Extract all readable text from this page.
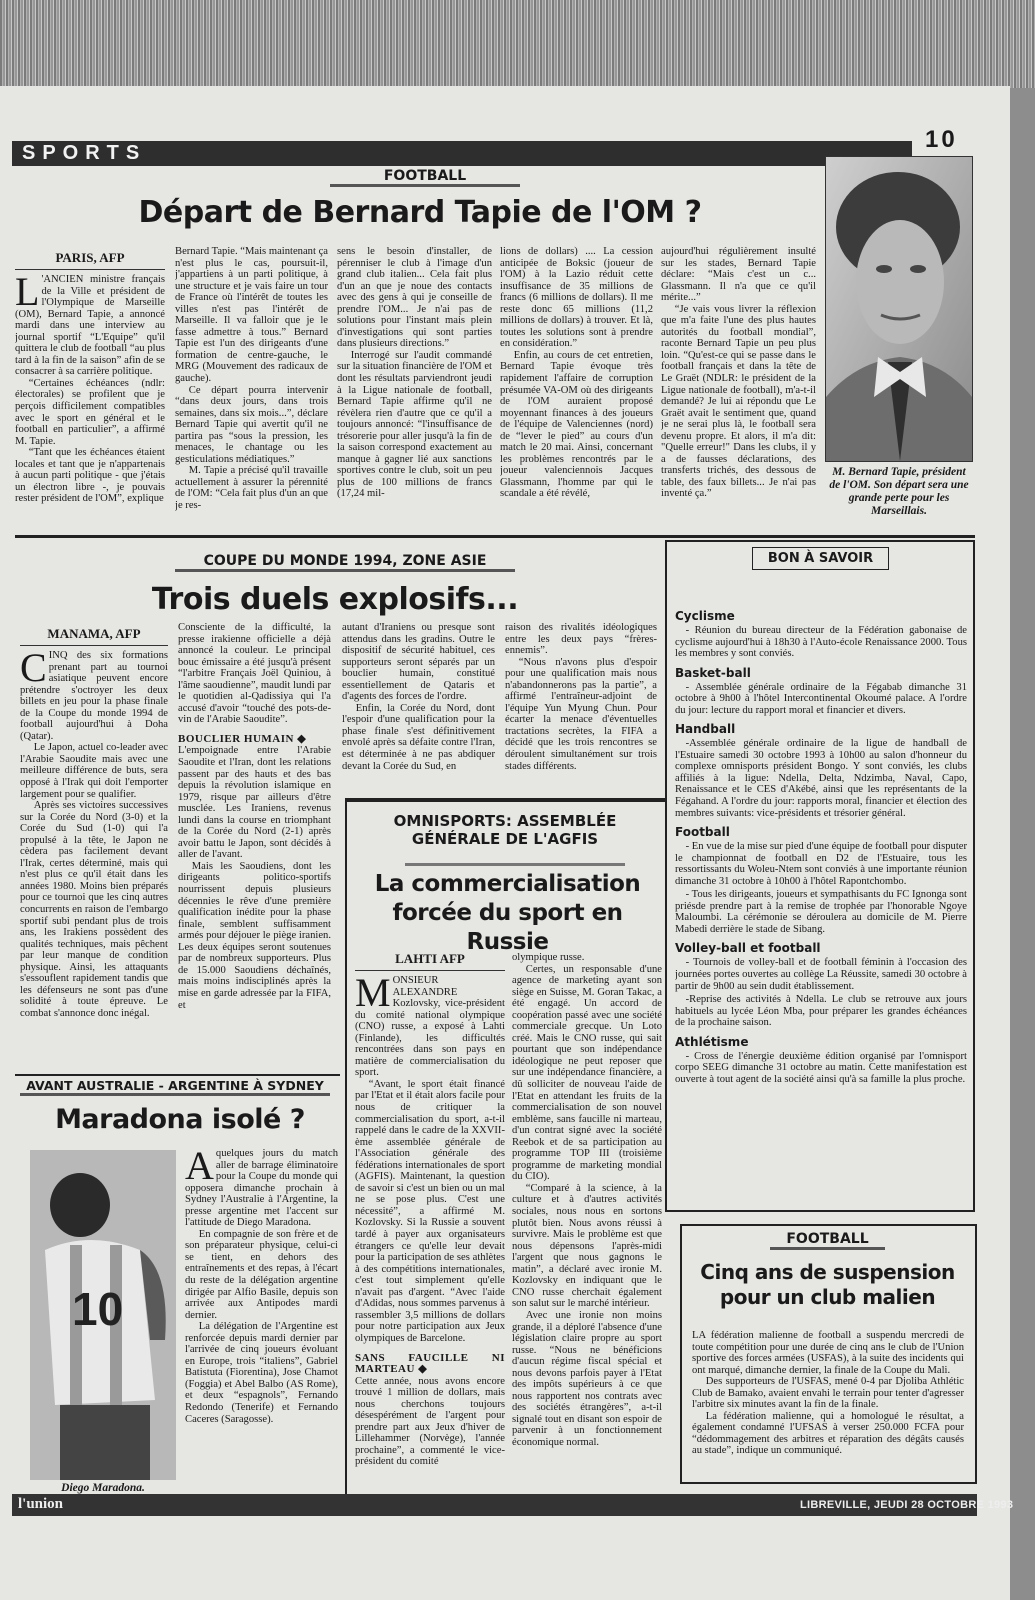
SPORTS	10
FOOTBALL
Départ de Bernard Tapie de l'OM ?
PARIS, AFP

L 'ANCIEN ministre français de la Ville et président de l'Olympique de Marseille (OM), Bernard Tapie, a annoncé mardi dans une interview au journal sportif “L'Equipe” qu'il quittera le club de football “au plus tard à la fin de la saison” afin de se consacrer à sa carrière politique.

“Certaines échéances (ndlr: électorales) se profilent que je perçois difficilement compatibles avec le sport en général et le football en particulier”, a affirmé M. Tapie.

“Tant que les échéances étaient locales et tant que je n'appartenais à aucun parti politique - que j'étais un électron libre -, je pouvais rester président de l'OM”, explique

Bernard Tapie. “Mais maintenant ça n'est plus le cas, poursuit-il, j'appartiens à un parti politique, à une structure et je vais faire un tour de France où l'intérêt de toutes les villes n'est pas l'intérêt de Marseille. Il va falloir que je le fasse admettre à tous.” Bernard Tapie est l'un des dirigeants d'une formation de centre-gauche, le MRG (Mouvement des radicaux de gauche).

Ce départ pourra intervenir “dans deux jours, dans trois semaines, dans six mois...”, déclare Bernard Tapie qui avertit qu'il ne partira pas “sous la pression, les menaces, le chantage ou les gesticulations médiatiques.”

M. Tapie a précisé qu'il travaille actuellement à assurer la pérennité de l'OM: “Cela fait plus d'un an que je res-

sens le besoin d'installer, de pérenniser le club à l'image d'un grand club italien... Cela fait plus d'un an que je noue des contacts avec des gens à qui je conseille de prendre l'OM... Je n'ai pas de solutions pour l'instant mais plein d'investigations qui sont parties dans plusieurs directions.”

Interrogé sur l'audit commandé sur la situation financière de l'OM et dont les résultats parviendront jeudi à la Ligue nationale de football, Bernard Tapie affirme qu'il ne révèlera rien d'autre que ce qu'il a toujours annoncé: “l'insuffisance de trésorerie pour aller jusqu'à la fin de la saison correspond exactement au manque à gagner lié aux sanctions sportives contre le club, soit un peu plus de 100 millions de francs (17,24 mil-

lions de dollars) .... La cession anticipée de Boksic (joueur de l'OM) à la Lazio réduit cette insuffisance de 35 millions de francs (6 millions de dollars). Il me reste donc 65 millions (11,2 millions de dollars) à trouver. Et là, toutes les solutions sont à prendre en considération.”

Enfin, au cours de cet entretien, Bernard Tapie évoque très rapidement l'affaire de corruption présumée VA-OM où des dirigeants de l'OM auraient proposé moyennant finances à des joueurs de l'équipe de Valenciennes (nord) de “lever le pied” au cours d'un match le 20 mai. Ainsi, concernant les problèmes rencontrés par le joueur valenciennois Jacques Glassmann, l'homme par qui le scandale a été révélé,

aujourd'hui régulièrement insulté sur les stades, Bernard Tapie déclare: “Mais c'est un c... Glassmann. Il n'a que ce qu'il mérite...”

“Je vais vous livrer la réflexion que m'a faite l'une des plus hautes autorités du football mondial”, raconte Bernard Tapie un peu plus loin. “Qu'est-ce qui se passe dans le football français et dans la tête de Le Graët (NDLR: le président de la Ligue nationale de football), m'a-t-il demandé? Je lui ai répondu que Le Graët avait le sentiment que, quand je ne serai plus là, le football sera devenu propre. Et alors, il m'a dit: "Quelle erreur!" Dans les clubs, il y a de fausses déclarations, des transferts trichés, des dessous de table, des faux billets... Je n'ai pas inventé ça.”

M. Bernard Tapie, président de l'OM. Son départ sera une grande perte pour les Marseillais.
COUPE DU MONDE 1994, ZONE ASIE
Trois duels explosifs...
MANAMA, AFP

CINQ des six formations prenant part au tournoi asiatique peuvent encore prétendre s'octroyer les deux billets en jeu pour la phase finale de la Coupe du monde 1994 de football aujourd'hui à Doha (Qatar).

Le Japon, actuel co-leader avec l'Arabie Saoudite mais avec une meilleure différence de buts, sera opposé à l'Irak qui doit l'emporter largement pour se qualifier.

Après ses victoires successives sur la Corée du Nord (3-0) et la Corée du Sud (1-0) qui l'a propulsé à la tête, le Japon ne cèdera pas facilement devant l'Irak, certes déterminé, mais qui n'est plus ce qu'il était dans les années 1980. Moins bien préparés pour ce tournoi que les cinq autres concurrents en raison de l'embargo sportif subi pendant plus de trois ans, les Irakiens possèdent des qualités techniques, mais pêchent par leur manque de condition physique. Ainsi, les attaquants s'essouflent rapidement tandis que les défenseurs ne sont pas d'une solidité à toute épreuve. Le combat s'annonce donc inégal.

Consciente de la difficulté, la presse irakienne officielle a déjà annoncé la couleur. Le principal bouc émissaire a été jusqu'à présent “l'arbitre Français Joël Quiniou, à l'âme saoudienne”, maudit lundi par le quotidien al-Qadissiya qui l'a accusé d'avoir “touché des pots-de-vin de l'Arabie Saoudite”.

BOUCLIER HUMAIN ◆
L'empoignade entre l'Arabie Saoudite et l'Iran, dont les relations passent par des hauts et des bas depuis la révolution islamique en 1979, risque par ailleurs d'être musclée. Les Iraniens, revenus lundi dans la course en triomphant de la Corée du Nord (2-1) après avoir battu le Japon, sont décidés à aller de l'avant.

Mais les Saoudiens, dont les dirigeants politico-sportifs nourrissent depuis plusieurs décennies le rêve d'une première qualification inédite pour la phase finale, semblent suffisamment armés pour déjouer le piège iranien. Les deux équipes seront soutenues par de nombreux supporteurs. Plus de 15.000 Saoudiens déchaînés, mais moins indisciplinés après la mise en garde adressée par la FIFA, et

autant d'Iraniens ou presque sont attendus dans les gradins. Outre le dispositif de sécurité habituel, ces supporteurs seront séparés par un bouclier humain, constitué essentiellement de Qataris et d'agents des forces de l'ordre.

Enfin, la Corée du Nord, dont l'espoir d'une qualification pour la phase finale s'est définitivement envolé après sa défaite contre l'Iran, est déterminée à ne pas abdiquer devant la Corée du Sud, en

raison des rivalités idéologiques entre les deux pays “frères-ennemis”.

“Nous n'avons plus d'espoir pour une qualification mais nous n'abandonnerons pas la partie”, a affirmé l'entraîneur-adjoint de l'équipe Yun Myung Chun. Pour écarter la menace d'éventuelles tractations secrètes, la FIFA a décidé que les trois rencontres se déroulent simultanément sur trois stades différents.

BON À SAVOIR
Cyclisme

- Réunion du bureau directeur de la Fédération gabonaise de cyclisme aujourd'hui à 18h30 à l'Auto-école Renaissance 2000. Tous les membres y sont conviés.

Basket-ball

- Assemblée générale ordinaire de la Fégabab dimanche 31 octobre à 9h00 à l'hôtel Intercontinental Okoumé palace. A l'ordre du jour: lecture du rapport moral et financier et divers.

Handball

-Assemblée générale ordinaire de la ligue de handball de l'Estuaire samedi 30 octobre 1993 à 10h00 au salon d'honneur du complexe omnisports président Bongo. Y sont conviés, les clubs affiliés à la ligue: Ndella, Delta, Ndzimba, Naval, Capo, Renaissance et le CES d'Akébé, ainsi que les représentants de la Fégahand. A l'ordre du jour: rapports moral, financier et élection des membres suivants: vice-présidents et trésorier général.

Football

- En vue de la mise sur pied d'une équipe de football pour disputer le championnat de football en D2 de l'Estuaire, tous les ressortissants du Woleu-Ntem sont conviés à une importante réunion dimanche 31 octobre à 10h00 à l'hôtel Rapontchombo.

- Tous les dirigeants, joueurs et sympathisants du FC Ignonga sont priésde prendre part à la remise de trophée par l'honorable Ngoye Maloumbi. La cérémonie se déroulera au domicile de M. Pierre Mabedi derrière le stade de Sibang.

Volley-ball et football

- Tournois de volley-ball et de football féminin à l'occasion des journées portes ouvertes au collège La Réussite, samedi 30 octobre à partir de 9h00 au sein dudit établissement.

-Reprise des activités à Ndella. Le club se retrouve aux jours habituels au lycée Léon Mba, pour préparer les grandes échéances de la prochaine saison.

Athlétisme

- Cross de l'énergie deuxième édition organisé par l'omnisport corpo SEEG dimanche 31 octobre au matin. Cette manifestation est ouverte à tout agent de la société ainsi qu'à sa famille la plus proche.

OMNISPORTS: ASSEMBLÉE
GÉNÉRALE DE L'AGFIS
La commercialisation forcée du sport en Russie
LAHTI AFP

MONSIEUR ALEXANDRE Kozlovsky, vice-président du comité national olympique (CNO) russe, a exposé à Lahti (Finlande), les difficultés rencontrées dans son pays en matière de commercialisation du sport.

“Avant, le sport était financé par l'Etat et il était alors facile pour nous de critiquer la commercialisation du sport, a-t-il rappelé dans le cadre de la XXVII-ème assemblée générale de l'Association générale des fédérations internationales de sport (AGFIS). Maintenant, la question de savoir si c'est un bien ou un mal ne se pose plus. C'est une nécessité”, a affirmé M. Kozlovsky. Si la Russie a souvent tardé à payer aux organisateurs étrangers ce qu'elle leur devait pour la participation de ses athlètes à des compétitions internationales, c'est tout simplement qu'elle n'avait pas d'argent. “Avec l'aide d'Adidas, nous sommes parvenus à rassembler 3,5 millions de dollars pour notre participation aux Jeux olympiques de Barcelone.

SANS FAUCILLE NI MARTEAU ◆
Cette année, nous avons encore trouvé 1 million de dollars, mais nous cherchons toujours désespérément de l'argent pour prendre part aux Jeux d'hiver de Lillehammer (Norvège), l'année prochaine”, a commenté le vice-président du comité

olympique russe.

Certes, un responsable d'une agence de marketing ayant son siège en Suisse, M. Goran Takac, a été engagé. Un accord de coopération passé avec une société commerciale grecque. Un Loto créé. Mais le CNO russe, qui sait pourtant que son indépendance idéologique ne peut reposer que sur une indépendance financière, a dû solliciter de nouveau l'aide de l'Etat en attendant les fruits de la commercialisation de son nouvel emblème, sans faucille ni marteau, d'un contrat signé avec la société Reebok et de sa participation au programme TOP III (troisième programme de marketing mondial du CIO).

“Comparé à la science, à la culture et à d'autres activités sociales, nous nous en sortons plutôt bien. Nous avons réussi à survivre. Mais le problème est que nous dépensons l'après-midi l'argent que nous gagnons le matin”, a déclaré avec ironie M. Kozlovsky en indiquant que le CNO russe cherchait également son salut sur le marché intérieur.

Avec une ironie non moins grande, il a déploré l'absence d'une législation claire propre au sport russe. “Nous ne bénéficions d'aucun régime fiscal spécial et nous devons parfois payer à l'Etat des impôts supérieurs à ce que nous rapportent nos contrats avec des sociétés étrangères”, a-t-il signalé tout en disant son espoir de parvenir à un fonctionnement économique normal.

AVANT AUSTRALIE - ARGENTINE À SYDNEY
Maradona isolé ?
10
Diego Maradona.

Aquelques jours du match aller de barrage éliminatoire pour la Coupe du monde qui opposera dimanche prochain à Sydney l'Australie à l'Argentine, la presse argentine met l'accent sur l'attitude de Diego Maradona.

En compagnie de son frère et de son préparateur physique, celui-ci se tient, en dehors des entraînements et des repas, à l'écart du reste de la délégation argentine dirigée par Alfio Basile, depuis son arrivée aux Antipodes mardi dernier.

La délégation de l'Argentine est renforcée depuis mardi dernier par l'arrivée de cinq joueurs évoluant en Europe, trois “italiens”, Gabriel Batistuta (Fiorentina), Jose Chamot (Foggia) et Abel Balbo (AS Rome), et deux “espagnols”, Fernando Redondo (Tenerife) et Fernando Caceres (Saragosse).

FOOTBALL
Cinq ans de suspension pour un club malien

LA fédération malienne de football a suspendu mercredi de toute compétition pour une durée de cinq ans le club de l'Union sportive des forces armées (USFAS), à la suite des incidents qui ont marqué, dimanche dernier, la finale de la Coupe du Mali.

Des supporteurs de l'USFAS, mené 0-4 par Djoliba Athlétic Club de Bamako, avaient envahi le terrain pour tenter d'agresser l'arbitre six minutes avant la fin de la finale.

La fédération malienne, qui a homologué le résultat, a également condamné l'UFSAS à verser 250.000 FCFA pour “dédommagement des arbitres et réparation des dégâts causés au stade”, indique un communiqué.

l'union	LIBREVILLE, JEUDI 28 OCTOBRE 1993
